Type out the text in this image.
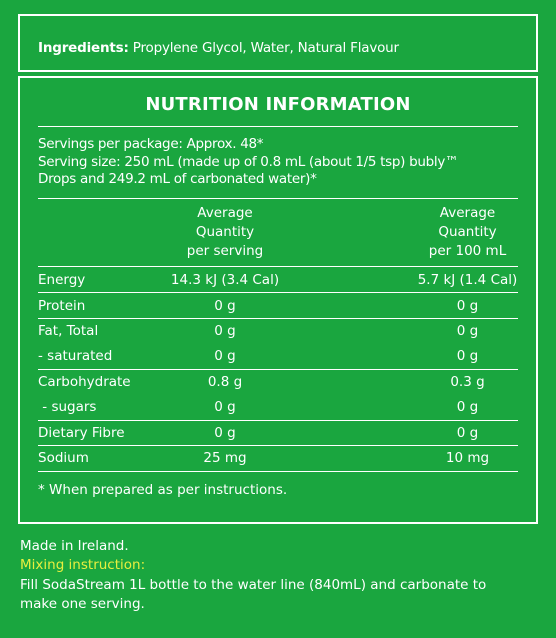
Ingredients: Propylene Glycol, Water, Natural Flavour
NUTRITION INFORMATION
Servings per package: Approx. 48*
Serving size: 250 mL (made up of 0.8 mL (about 1/5 tsp) bubly™
Drops and 249.2 mL of carbonated water)*
Average
Quantity
per serving
Average
Quantity
per 100 mL
Energy	14.3 kJ (3.4 Cal)	5.7 kJ (1.4 Cal)
Protein	0 g	0 g
Fat, Total	0 g	0 g
- saturated	0 g	0 g
Carbohydrate	0.8 g	0.3 g
- sugars	0 g	0 g
Dietary Fibre	0 g	0 g
Sodium	25 mg	10 mg
* When prepared as per instructions.
Made in Ireland.
Mixing instruction:
Fill SodaStream 1L bottle to the water line (840mL) and carbonate to make one serving.
